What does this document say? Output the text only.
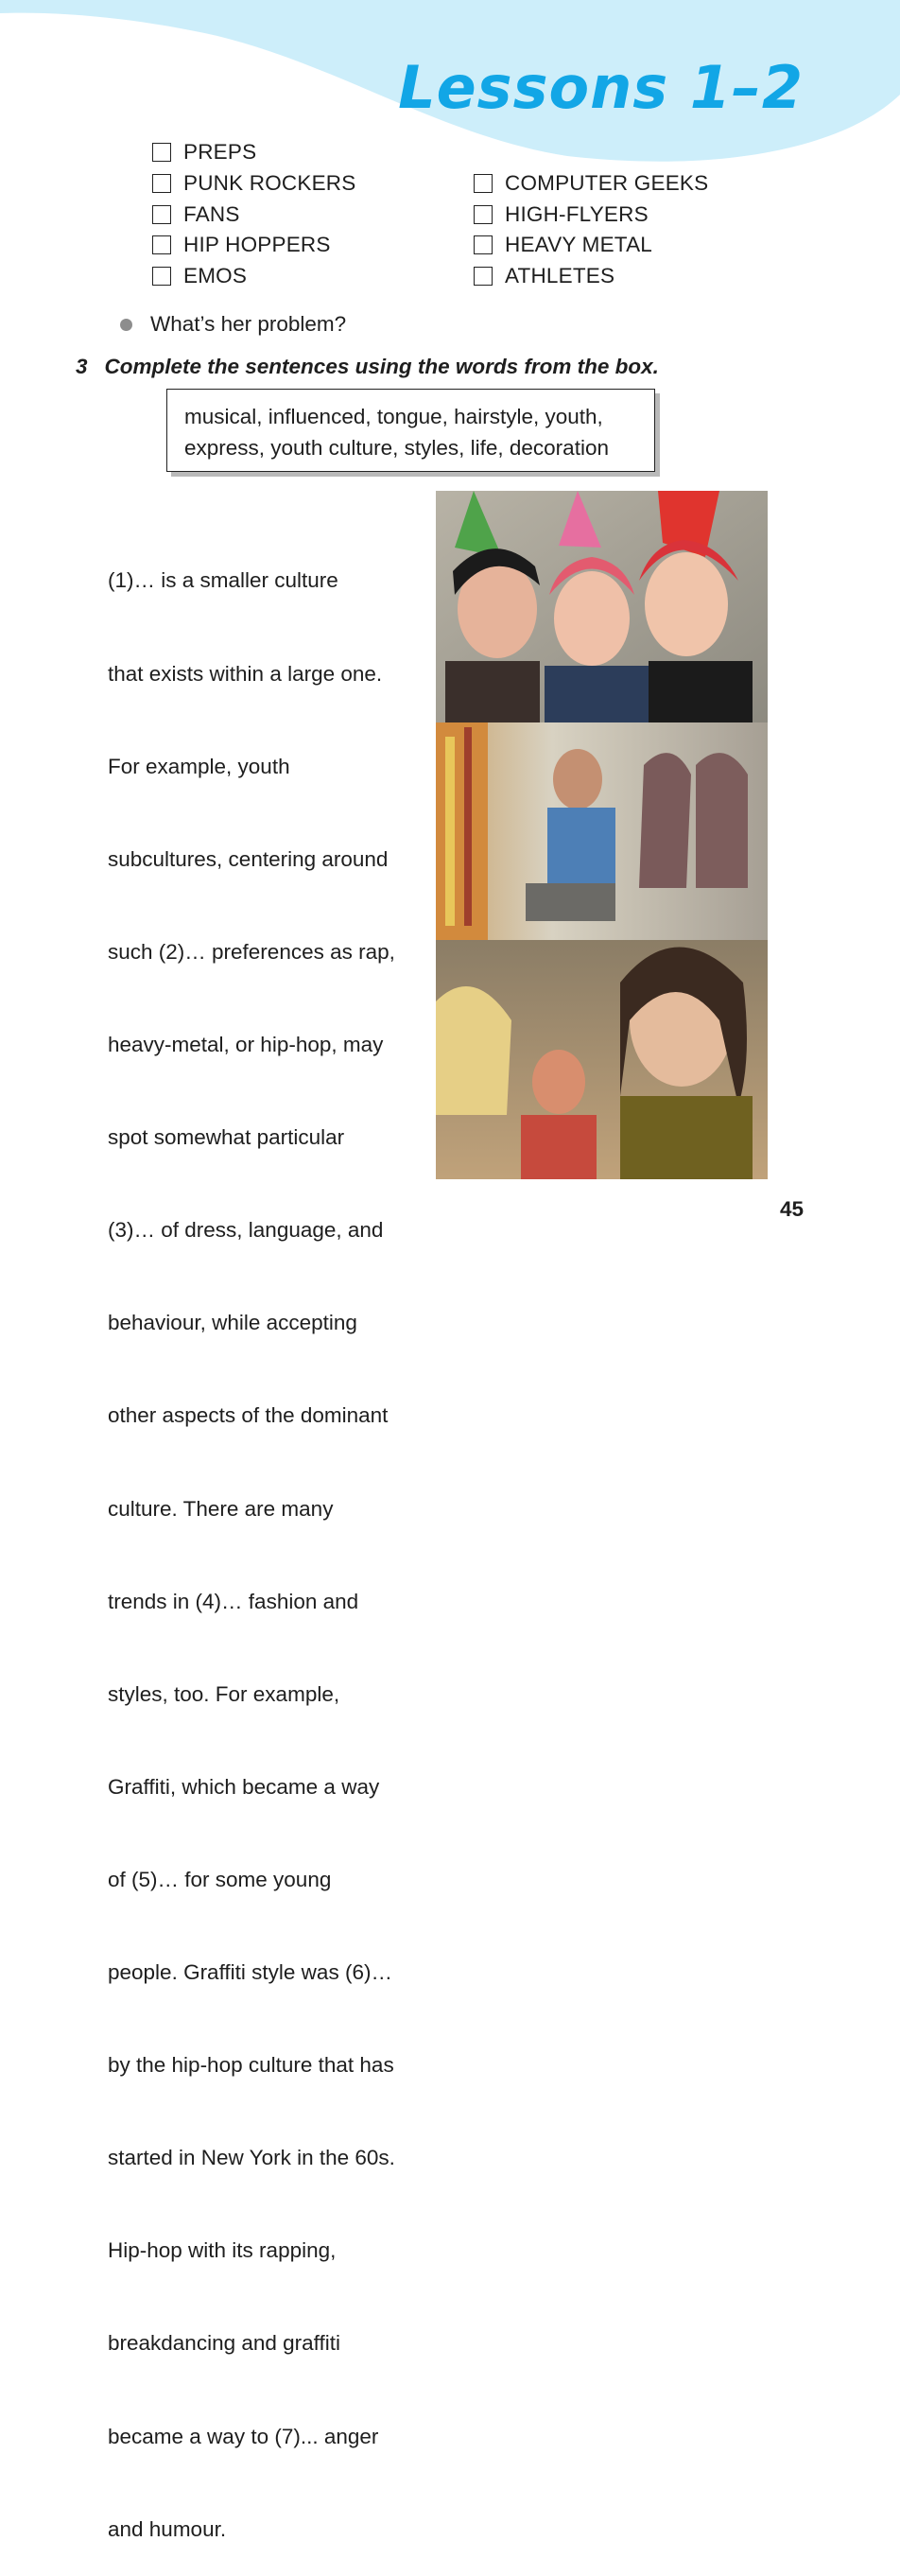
Lessons 1–2
PREPS
PUNK ROCKERS
FANS
HIP HOPPERS
EMOS
COMPUTER GEEKS
HIGH-FLYERS
HEAVY METAL
ATHLETES
What’s her problem?
3 Complete the sentences using the words from the box.
musical, influenced, tongue, hairstyle, youth,
express, youth culture, styles, life, decoration

(1)… is a smaller culture

that exists within a large one.

For example, youth

subcultures, centering around

such (2)… preferences as rap,

heavy-metal, or hip-hop, may

spot somewhat particular

(3)… of dress, language, and

behaviour, while accepting

other aspects of the dominant

culture. There are many

trends in (4)… fashion and

styles, too. For example,

Graffiti, which became a way

of (5)… for some young

people. Graffiti style was (6)…

by the hip-hop culture that has

started in New York in the 60s.

Hip-hop with its rapping,

breakdancing and graffiti

became a way to (7)... anger

and humour.

45
